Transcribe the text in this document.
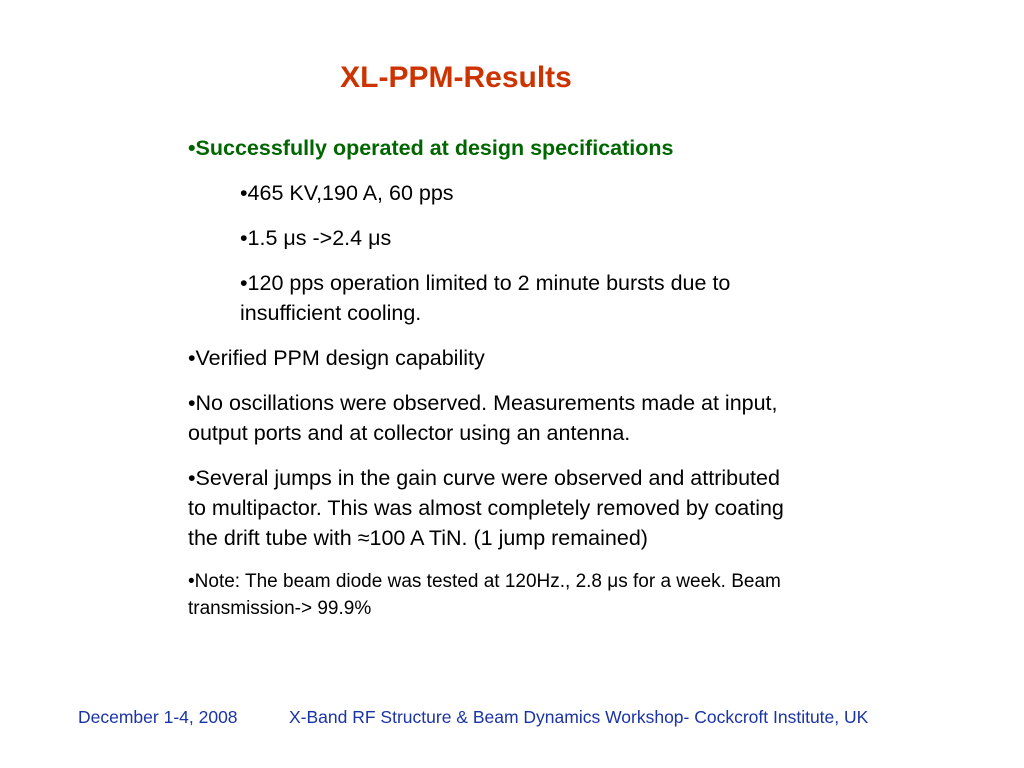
XL-PPM-Results
•Successfully operated at design specifications
•465 KV,190 A, 60 pps
•1.5 μs ->2.4 μs
•120 pps operation limited to 2 minute bursts due to insufficient cooling.
•Verified PPM design capability
•No oscillations were observed. Measurements made at input, output ports and at collector using an antenna.
•Several jumps in the gain curve were observed and attributed to multipactor. This was almost completely removed by coating the drift tube with ≈100 A TiN. (1 jump remained)
•Note: The beam diode was tested at 120Hz., 2.8 μs for a week. Beam transmission-> 99.9%
December 1-4, 2008	X-Band RF Structure & Beam Dynamics Workshop- Cockcroft Institute, UK
